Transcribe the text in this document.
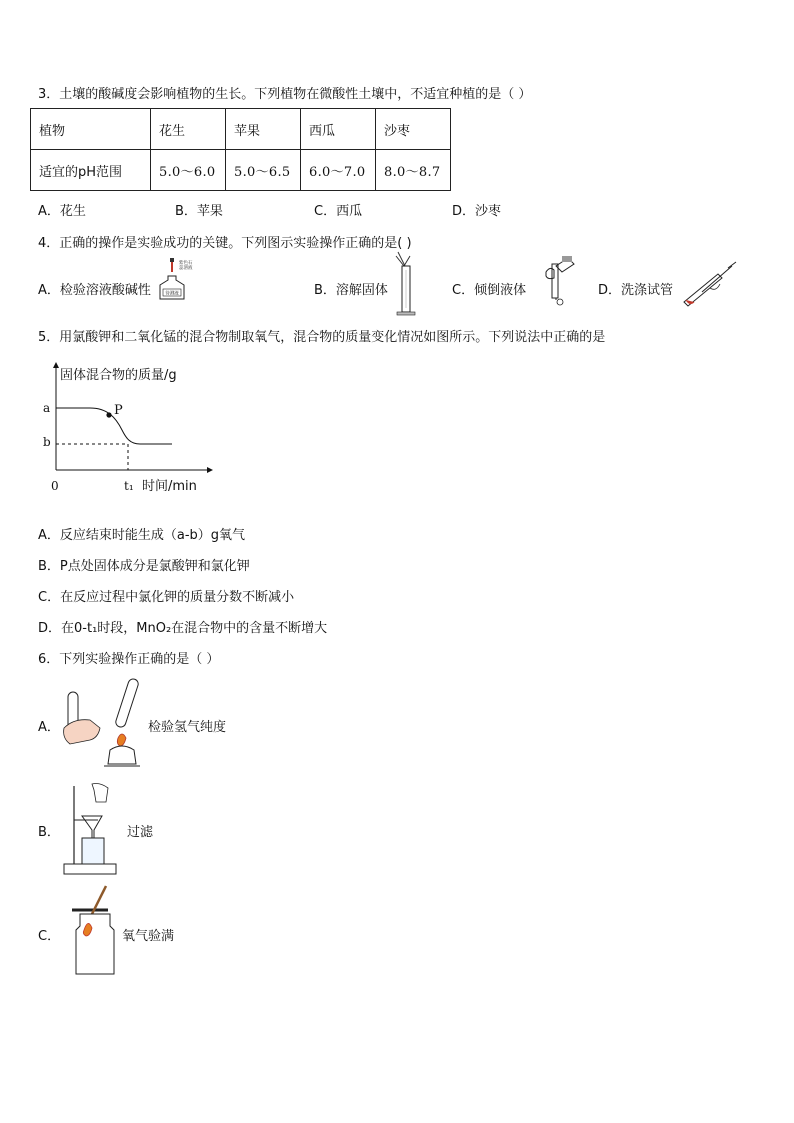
3．土壤的酸碱度会影响植物的生长。下列植物在微酸性土壤中，不适宜种植的是（ ）
植物	花生	苹果	西瓜	沙枣
适宜的pH范围	5.0～6.0	5.0～6.5	6.0～7.0	8.0～8.7
A．花生	B．苹果	C．西瓜	D．沙枣
4．正确的操作是实验成功的关键。下列图示实验操作正确的是( )
A．检验溶液酸碱性
紫色石
蕊溶液
待测液	B．溶解固体	C．倾倒液体	D．洗涤试管
5．用氯酸钾和二氧化锰的混合物制取氧气，混合物的质量变化情况如图所示。下列说法中正确的是
固体混合物的质量/g
时间/min
t₁
0
a
b
P
A．反应结束时能生成（a-b）g氧气
B．P点处固体成分是氯酸钾和氯化钾
C．在反应过程中氯化钾的质量分数不断减小
D．在0-t₁时段，MnO₂在混合物中的含量不断增大
6．下列实验操作正确的是（ ）
A．	检验氢气纯度
B．	过滤
C．	氧气验满
